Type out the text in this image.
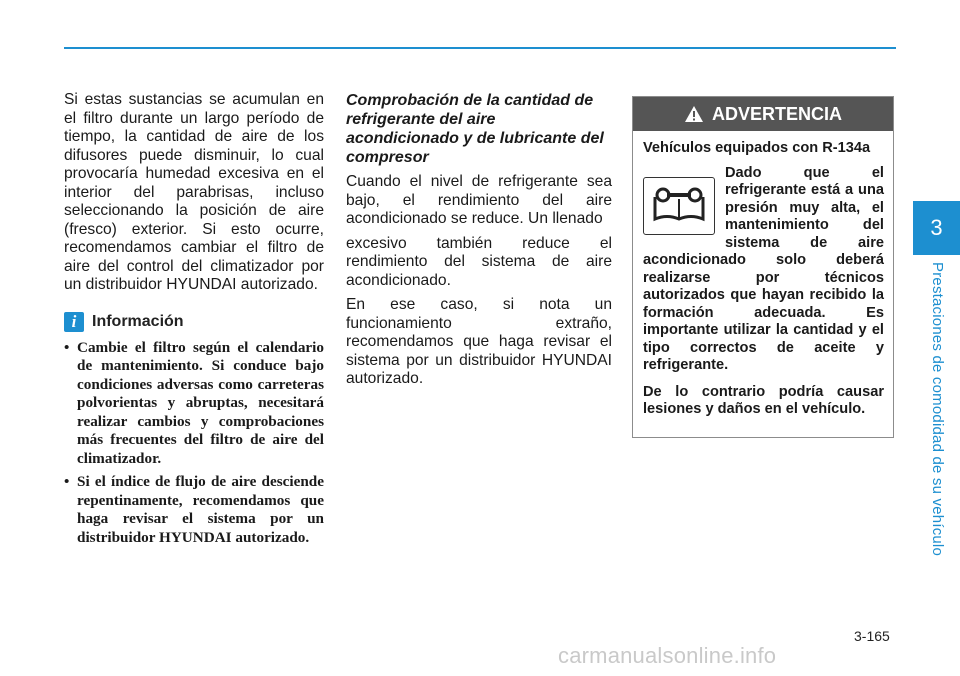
3
Prestaciones de comodidad de su vehículo

Si estas sustancias se acumulan en el filtro durante un largo período de tiempo, la cantidad de aire de los difusores puede disminuir, lo cual provocaría humedad excesiva en el interior del parabrisas, incluso seleccionando la posición de aire (fresco) exterior. Si esto ocurre, recomendamos cambiar el filtro de aire del control del climatizador por un distribuidor HYUNDAI autorizado.

i Información
• Cambie el filtro según el calendario de mantenimiento. Si conduce bajo condiciones adversas como carreteras polvorientas y abruptas, necesitará realizar cambios y comprobaciones más frecuentes del filtro de aire del climatizador.
• Si el índice de flujo de aire desciende repentinamente, recomendamos que haga revisar el sistema por un distribuidor HYUNDAI autorizado.
Comprobación de la cantidad de refrigerante del aire acondicionado y de lubricante del compresor

Cuando el nivel de refrigerante sea bajo, el rendimiento del aire acondicionado se reduce. Un llenado

excesivo también reduce el rendimiento del sistema de aire acondicionado.

En ese caso, si nota un funcionamiento extraño, recomendamos que haga revisar el sistema por un distribuidor HYUNDAI autorizado.

ADVERTENCIA

Vehículos equipados con R-134a

Dado que el refrigerante está a una presión muy alta, el mantenimiento del sistema de aire acondicionado solo deberá realizarse por técnicos autorizados que hayan recibido la formación adecuada. Es importante utilizar la cantidad y el tipo correctos de aceite y refrigerante.

De lo contrario podría causar lesiones y daños en el vehículo.

3-165
carmanualsonline.info
